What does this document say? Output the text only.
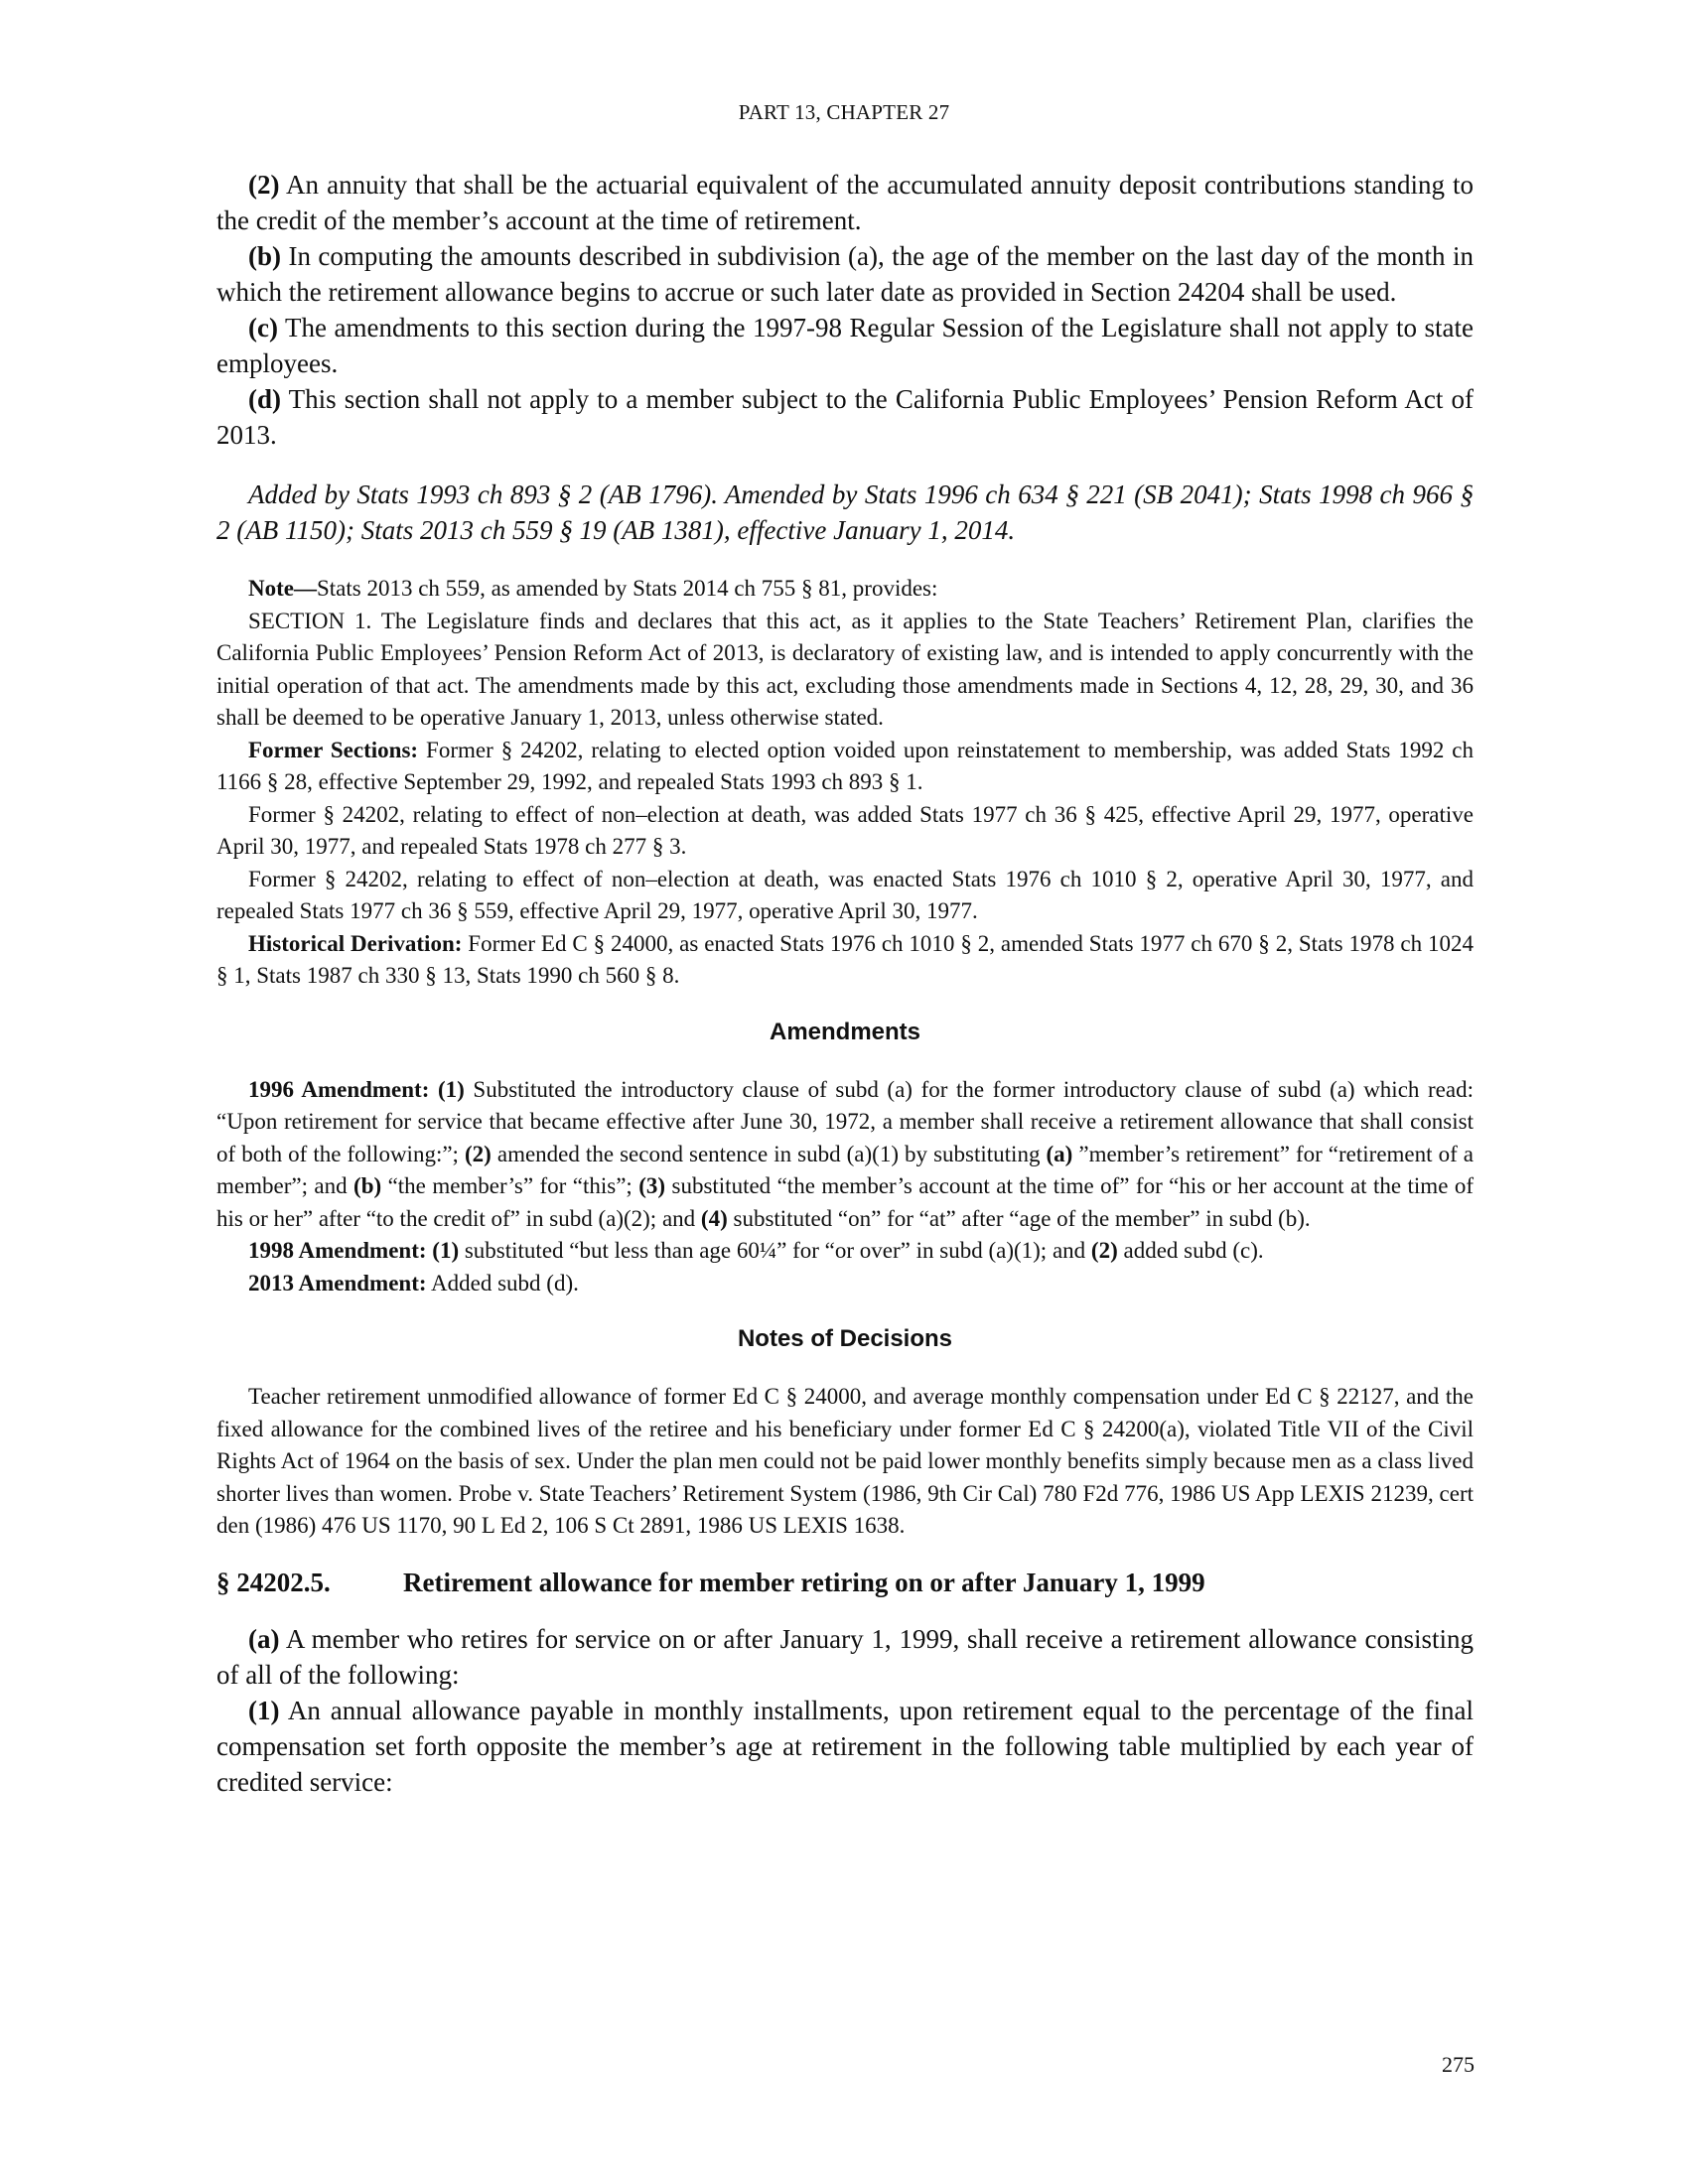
PART 13, CHAPTER 27

(2) An annuity that shall be the actuarial equivalent of the accumulated annuity deposit contributions standing to the credit of the member’s account at the time of retirement.

(b) In computing the amounts described in subdivision (a), the age of the member on the last day of the month in which the retirement allowance begins to accrue or such later date as provided in Section 24204 shall be used.

(c) The amendments to this section during the 1997-98 Regular Session of the Legislature shall not apply to state employees.

(d) This section shall not apply to a member subject to the California Public Employees’ Pension Reform Act of 2013.

Added by Stats 1993 ch 893 § 2 (AB 1796). Amended by Stats 1996 ch 634 § 221 (SB 2041); Stats 1998 ch 966 § 2 (AB 1150); Stats 2013 ch 559 § 19 (AB 1381), effective January 1, 2014.

Note—Stats 2013 ch 559, as amended by Stats 2014 ch 755 § 81, provides:

SECTION 1. The Legislature finds and declares that this act, as it applies to the State Teachers’ Retirement Plan, clarifies the California Public Employees’ Pension Reform Act of 2013, is declaratory of existing law, and is intended to apply concurrently with the initial operation of that act. The amendments made by this act, excluding those amendments made in Sections 4, 12, 28, 29, 30, and 36 shall be deemed to be operative January 1, 2013, unless otherwise stated.

Former Sections: Former § 24202, relating to elected option voided upon reinstatement to membership, was added Stats 1992 ch 1166 § 28, effective September 29, 1992, and repealed Stats 1993 ch 893 § 1.

Former § 24202, relating to effect of non–election at death, was added Stats 1977 ch 36 § 425, effective April 29, 1977, operative April 30, 1977, and repealed Stats 1978 ch 277 § 3.

Former § 24202, relating to effect of non–election at death, was enacted Stats 1976 ch 1010 § 2, operative April 30, 1977, and repealed Stats 1977 ch 36 § 559, effective April 29, 1977, operative April 30, 1977.

Historical Derivation: Former Ed C § 24000, as enacted Stats 1976 ch 1010 § 2, amended Stats 1977 ch 670 § 2, Stats 1978 ch 1024 § 1, Stats 1987 ch 330 § 13, Stats 1990 ch 560 § 8.

Amendments

1996 Amendment: (1) Substituted the introductory clause of subd (a) for the former introductory clause of subd (a) which read: “Upon retirement for service that became effective after June 30, 1972, a member shall receive a retirement allowance that shall consist of both of the following:”; (2) amended the second sentence in subd (a)(1) by substituting (a) ”member’s retirement” for “retirement of a member”; and (b) “the member’s” for “this”; (3) substituted “the member’s account at the time of” for “his or her account at the time of his or her” after “to the credit of” in subd (a)(2); and (4) substituted “on” for “at” after “age of the member” in subd (b).

1998 Amendment: (1) substituted “but less than age 60¼” for “or over” in subd (a)(1); and (2) added subd (c).

2013 Amendment: Added subd (d).

Notes of Decisions

Teacher retirement unmodified allowance of former Ed C § 24000, and average monthly compensation under Ed C § 22127, and the fixed allowance for the combined lives of the retiree and his beneficiary under former Ed C § 24200(a), violated Title VII of the Civil Rights Act of 1964 on the basis of sex. Under the plan men could not be paid lower monthly benefits simply because men as a class lived shorter lives than women. Probe v. State Teachers’ Retirement System (1986, 9th Cir Cal) 780 F2d 776, 1986 US App LEXIS 21239, cert den (1986) 476 US 1170, 90 L Ed 2, 106 S Ct 2891, 1986 US LEXIS 1638.

§ 24202.5.	Retirement allowance for member retiring on or after January 1, 1999

(a) A member who retires for service on or after January 1, 1999, shall receive a retirement allowance consisting of all of the following:

(1) An annual allowance payable in monthly installments, upon retirement equal to the percentage of the final compensation set forth opposite the member’s age at retirement in the following table multiplied by each year of credited service:

275
